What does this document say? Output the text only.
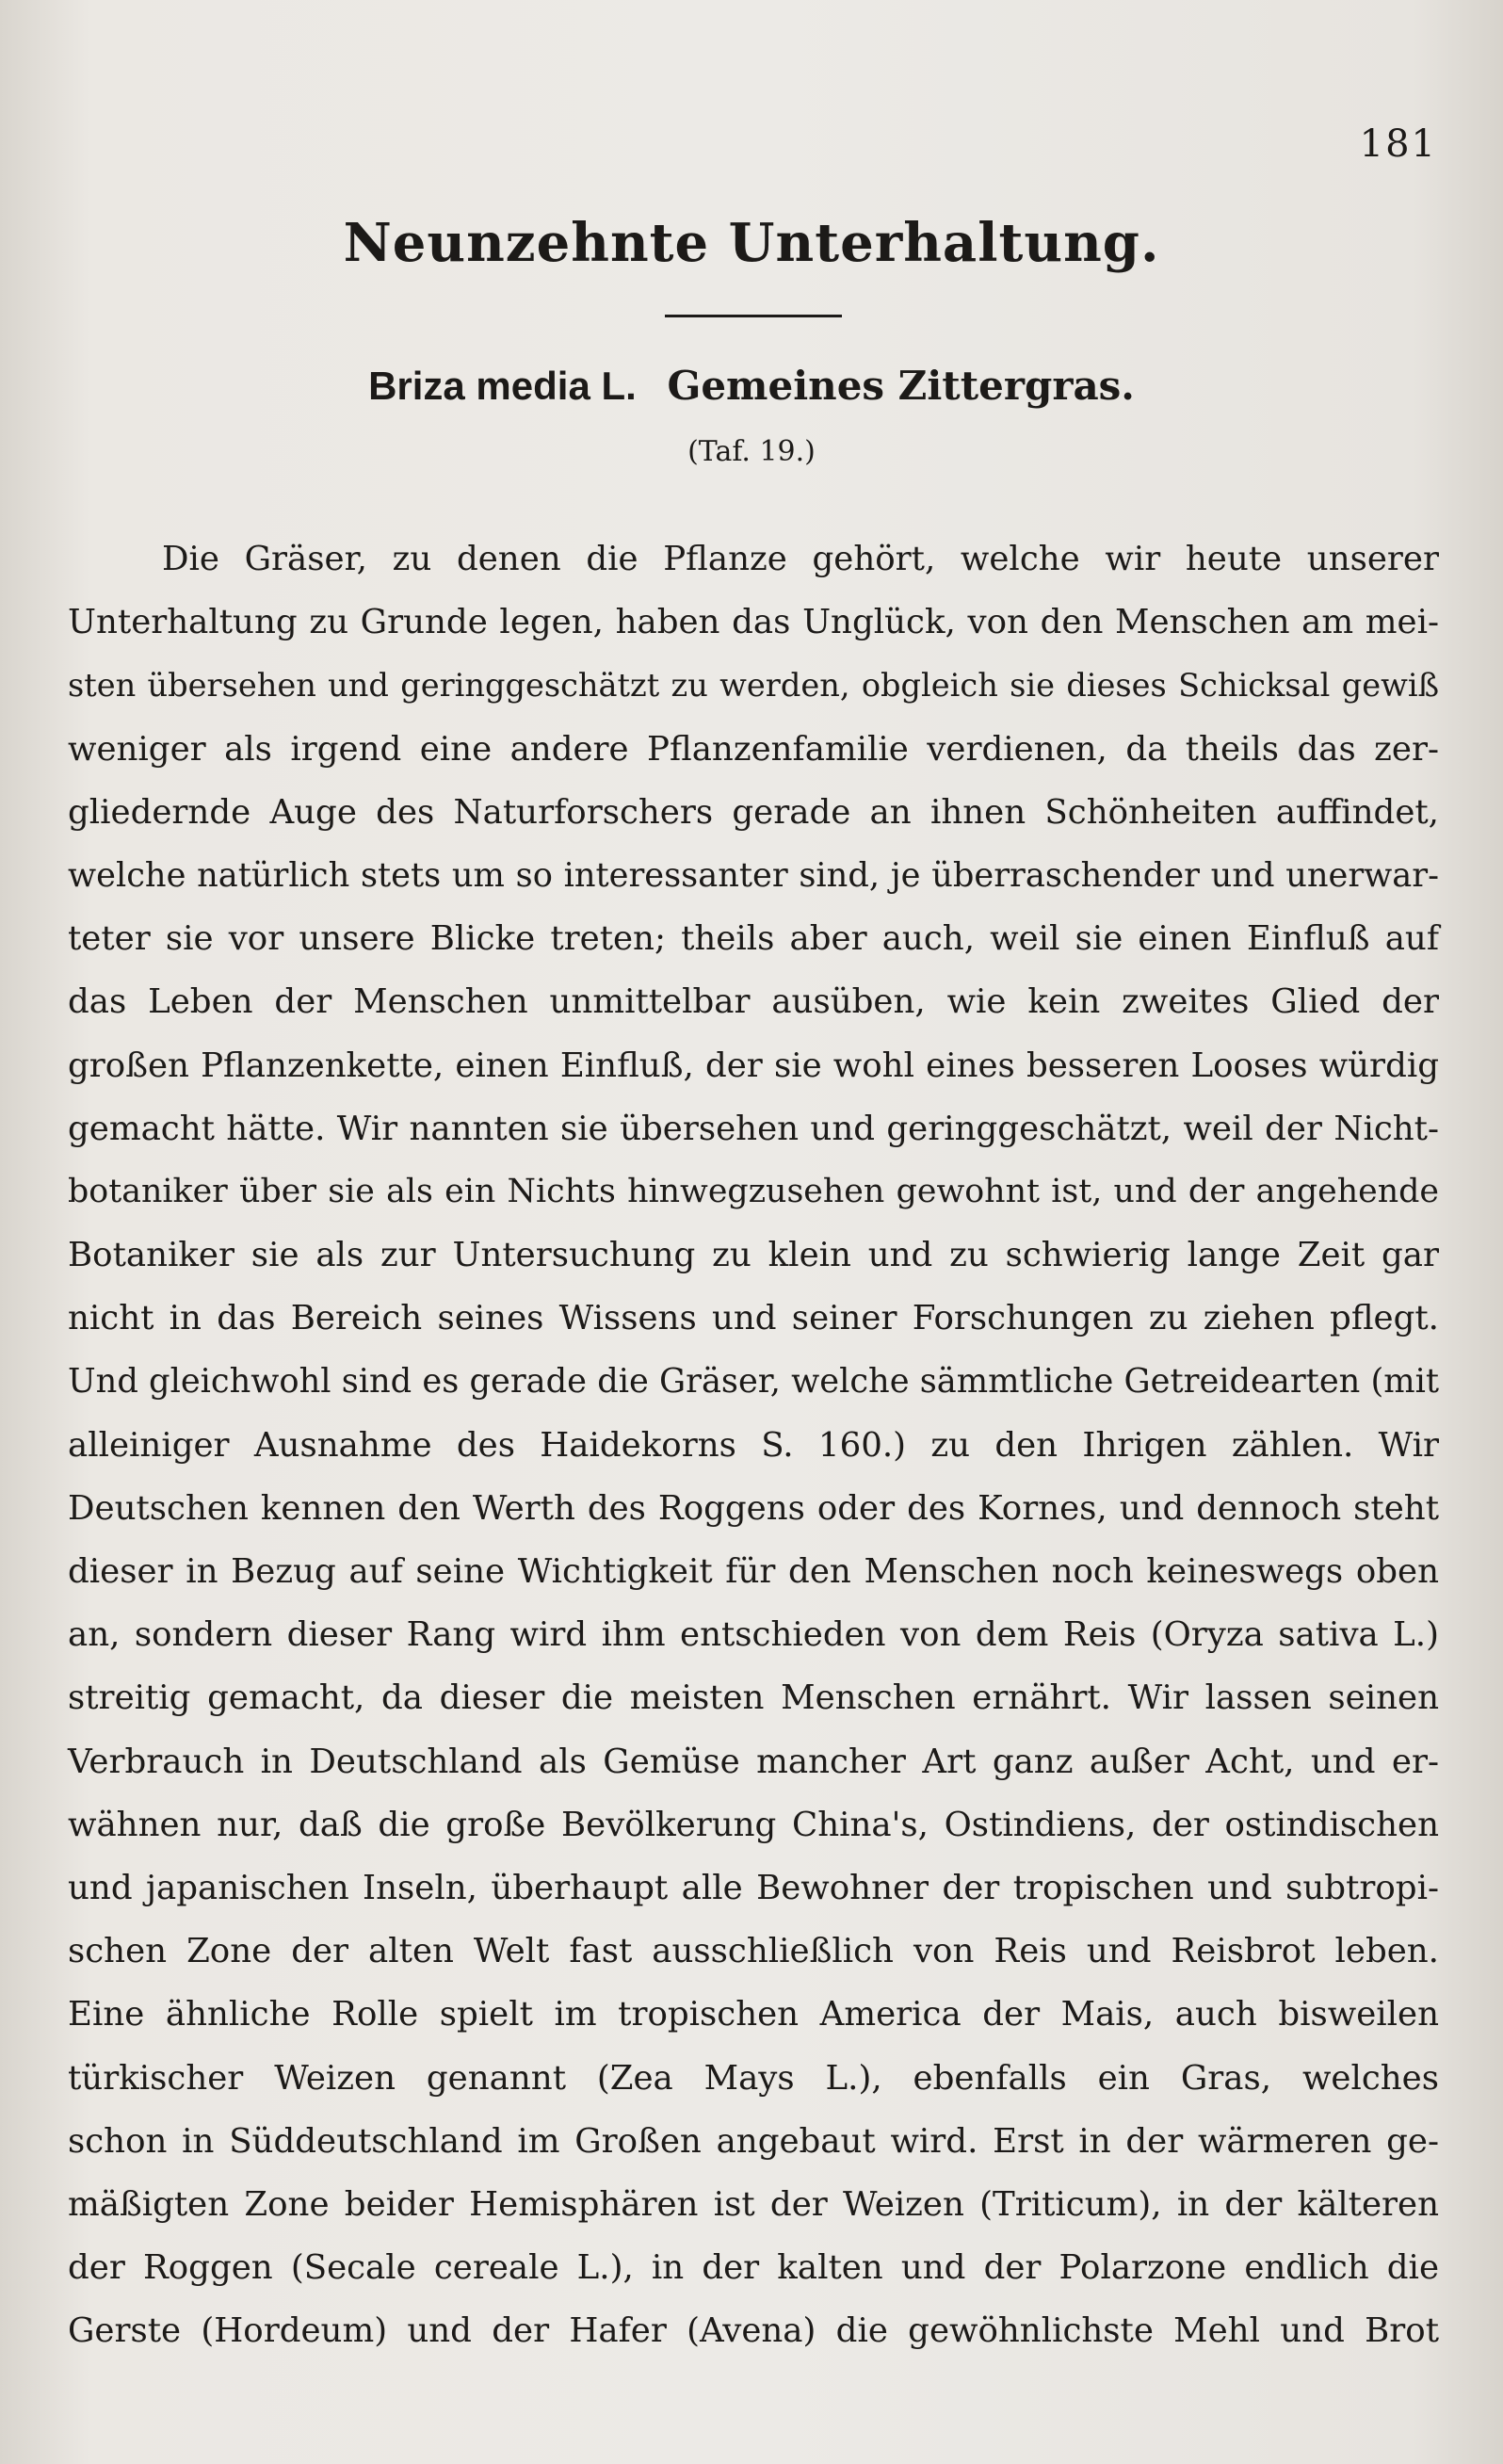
181
Neunzehnte Unterhaltung.
Briza media L. Gemeines Zittergras.
(Taf. 19.)
Die Gräser, zu denen die Pflanze gehört, welche wir heute unserer
Unterhaltung zu Grunde legen, haben das Unglück, von den Menschen am mei-
sten übersehen und geringgeschätzt zu werden, obgleich sie dieses Schicksal gewiß
weniger als irgend eine andere Pflanzenfamilie verdienen, da theils das zer-
gliedernde Auge des Naturforschers gerade an ihnen Schönheiten auffindet,
welche natürlich stets um so interessanter sind, je überraschender und unerwar-
teter sie vor unsere Blicke treten; theils aber auch, weil sie einen Einfluß auf
das Leben der Menschen unmittelbar ausüben, wie kein zweites Glied der
großen Pflanzenkette, einen Einfluß, der sie wohl eines besseren Looses würdig
gemacht hätte. Wir nannten sie übersehen und geringgeschätzt, weil der Nicht-
botaniker über sie als ein Nichts hinwegzusehen gewohnt ist, und der angehende
Botaniker sie als zur Untersuchung zu klein und zu schwierig lange Zeit gar
nicht in das Bereich seines Wissens und seiner Forschungen zu ziehen pflegt.
Und gleichwohl sind es gerade die Gräser, welche sämmtliche Getreidearten (mit
alleiniger Ausnahme des Haidekorns S. 160.) zu den Ihrigen zählen. Wir
Deutschen kennen den Werth des Roggens oder des Kornes, und dennoch steht
dieser in Bezug auf seine Wichtigkeit für den Menschen noch keineswegs oben
an, sondern dieser Rang wird ihm entschieden von dem Reis (Oryza sativa L.)
streitig gemacht, da dieser die meisten Menschen ernährt. Wir lassen seinen
Verbrauch in Deutschland als Gemüse mancher Art ganz außer Acht, und er-
wähnen nur, daß die große Bevölkerung China's, Ostindiens, der ostindischen
und japanischen Inseln, überhaupt alle Bewohner der tropischen und subtropi-
schen Zone der alten Welt fast ausschließlich von Reis und Reisbrot leben.
Eine ähnliche Rolle spielt im tropischen America der Mais, auch bisweilen
türkischer Weizen genannt (Zea Mays L.), ebenfalls ein Gras, welches
schon in Süddeutschland im Großen angebaut wird. Erst in der wärmeren ge-
mäßigten Zone beider Hemisphären ist der Weizen (Triticum), in der kälteren
der Roggen (Secale cereale L.), in der kalten und der Polarzone endlich die
Gerste (Hordeum) und der Hafer (Avena) die gewöhnlichste Mehl und Brot
